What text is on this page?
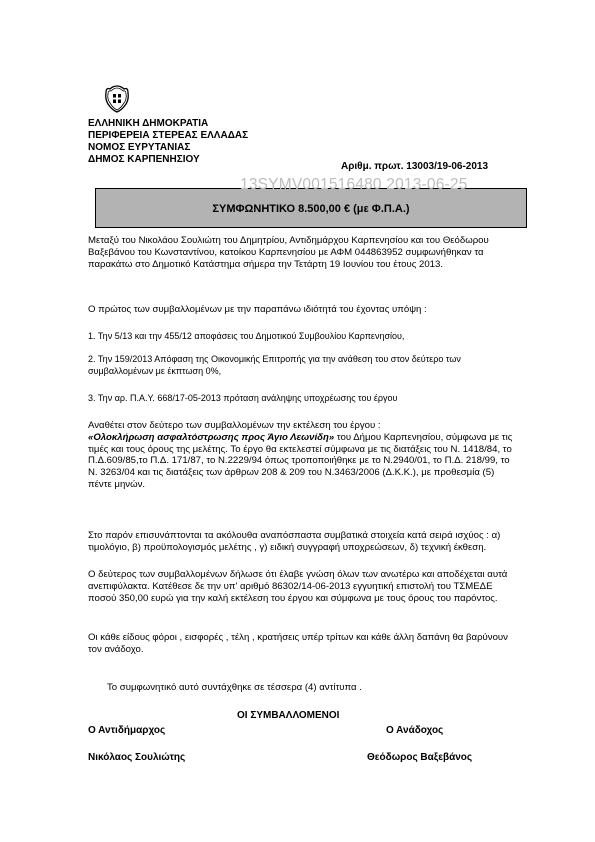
ΕΛΛΗΝΙΚΗ ΔΗΜΟΚΡΑΤΙΑ
ΠΕΡΙΦΕΡΕΙΑ ΣΤΕΡΕΑΣ ΕΛΛΑΔΑΣ
ΝΟΜΟΣ ΕΥΡΥΤΑΝΙΑΣ
ΔΗΜΟΣ ΚΑΡΠΕΝΗΣΙΟΥ
Αριθμ. πρωτ. 13003/19-06-2013
ΣΥΜΦΩΝΗΤΙΚΟ 8.500,00 € (με Φ.Π.Α.)
13SYMV001516480 2013-06-25

Μεταξύ του Νικολάου Σουλιώτη του Δημητρίου, Αντιδημάρχου Καρπενησίου και του Θεόδωρου Βαξεβάνου του Κωνσταντίνου, κατοίκου Καρπενησίου με ΑΦΜ 044863952 συμφωνήθηκαν τα παρακάτω στο Δημοτικό Κατάστημα σήμερα την Τετάρτη 19 Ιουνίου του έτους 2013.

Ο πρώτος των συμβαλλομένων με την παραπάνω ιδιότητά του έχοντας υπόψη :

1. Την 5/13 και την 455/12 αποφάσεις του Δημοτικού Συμβουλίου Καρπενησίου,

2. Την 159/2013 Απόφαση της Οικονομικής Επιτροπής για την ανάθεση του στον δεύτερο των συμβαλλομένων με έκπτωση 0%,

3. Την αρ. Π.Α.Υ. 668/17-05-2013 πρόταση ανάληψης υποχρέωσης του έργου

Αναθέτει στον δεύτερο των συμβαλλομένων την εκτέλεση του έργου :
«Ολοκλήρωση ασφαλτόστρωσης προς Άγιο Λεωνίδη» του Δήμου Καρπενησίου, σύμφωνα με τις τιμές και τους όρους της μελέτης. Το έργο θα εκτελεστεί σύμφωνα με τις διατάξεις του Ν. 1418/84, το Π.Δ.609/85,το Π.Δ. 171/87, το Ν.2229/94 όπως τροποποιήθηκε με το Ν.2940/01, το Π.Δ. 218/99, το Ν. 3263/04 και τις διατάξεις των άρθρων 208 & 209 του Ν.3463/2006 (Δ.Κ.Κ.), με προθεσμία (5) πέντε μηνών.

Στο παρόν επισυνάπτονται τα ακόλουθα αναπόσπαστα συμβατικά στοιχεία κατά σειρά ισχύος : α) τιμολόγιο, β) προϋπολογισμός μελέτης , γ) ειδική συγγραφή υποχρεώσεων, δ) τεχνική έκθεση.

Ο δεύτερος των συμβαλλομένων δήλωσε ότι έλαβε γνώση όλων των ανωτέρω και αποδέχεται αυτά ανεπιφύλακτα. Κατέθεσε δε την υπ' αριθμό 86302/14-06-2013 εγγυητική επιστολή του ΤΣΜΕΔΕ ποσού 350,00 ευρώ για την καλή εκτέλεση του έργου και σύμφωνα με τους όρους του παρόντος.

Οι κάθε είδους φόροι , εισφορές , τέλη , κρατήσεις υπέρ τρίτων και κάθε άλλη δαπάνη θα βαρύνουν τον ανάδοχο.

Το συμφωνητικό αυτό συντάχθηκε σε τέσσερα (4) αντίτυπα .

ΟΙ ΣΥΜΒΑΛΛΟΜΕΝΟΙ
Ο Αντιδήμαρχος	Ο Ανάδοχος
Νικόλαος Σουλιώτης	Θεόδωρος Βαξεβάνος
